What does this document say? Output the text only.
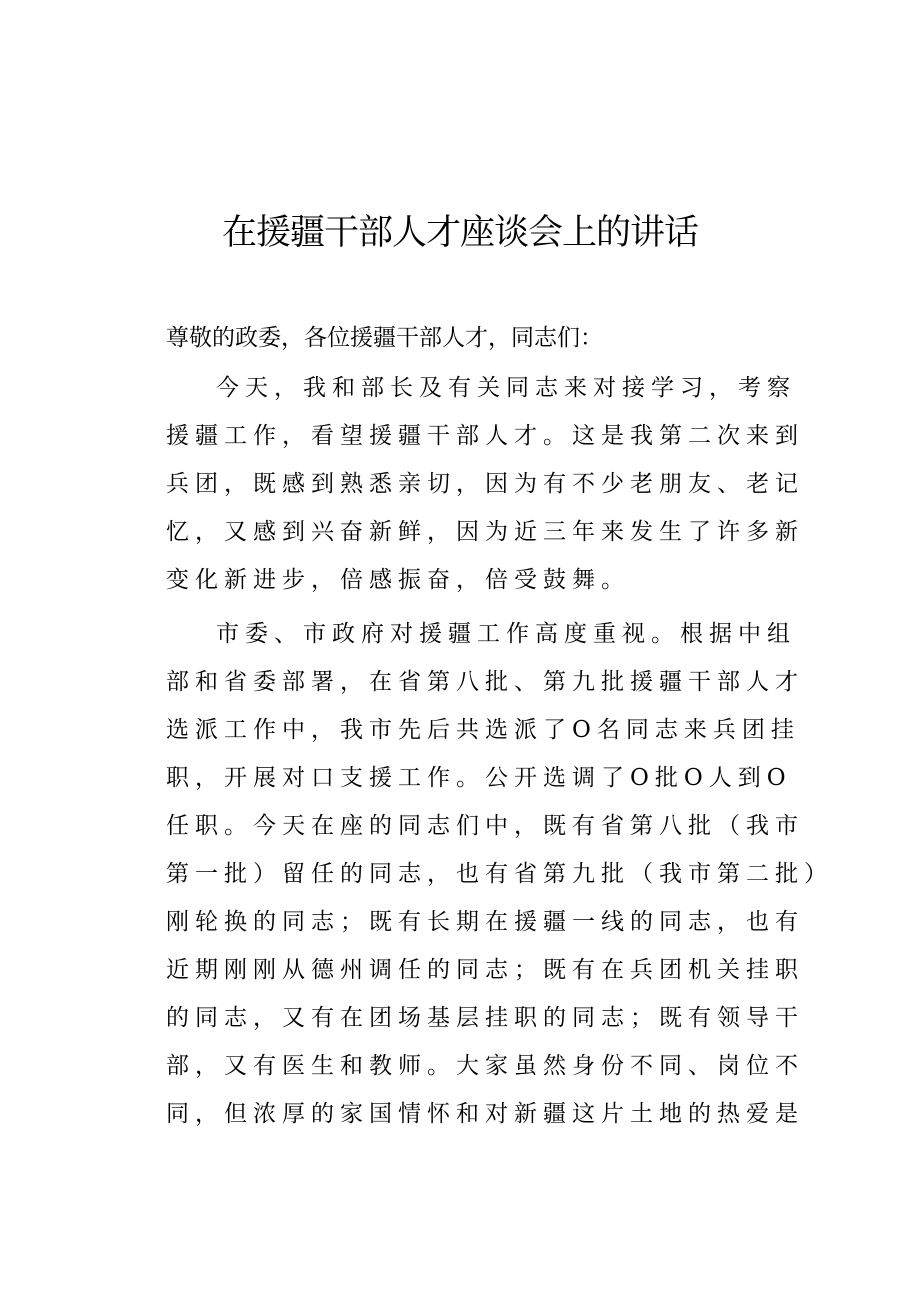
在援疆干部人才座谈会上的讲话
尊敬的政委，各位援疆干部人才，同志们：
今天，我和部长及有关同志来对接学习，考察
援疆工作，看望援疆干部人才。这是我第二次来到
兵团，既感到熟悉亲切，因为有不少老朋友、老记
忆，又感到兴奋新鲜，因为近三年来发生了许多新
变化新进步，倍感振奋，倍受鼓舞。
市委、市政府对援疆工作高度重视。根据中组
部和省委部署，在省第八批、第九批援疆干部人才
选派工作中，我市先后共选派了O名同志来兵团挂
职，开展对口支援工作。公开选调了O批O人到O
任职。今天在座的同志们中，既有省第八批（我市
第一批）留任的同志，也有省第九批（我市第二批）
刚轮换的同志；既有长期在援疆一线的同志，也有
近期刚刚从德州调任的同志；既有在兵团机关挂职
的同志，又有在团场基层挂职的同志；既有领导干
部，又有医生和教师。大家虽然身份不同、岗位不
同，但浓厚的家国情怀和对新疆这片土地的热爱是
